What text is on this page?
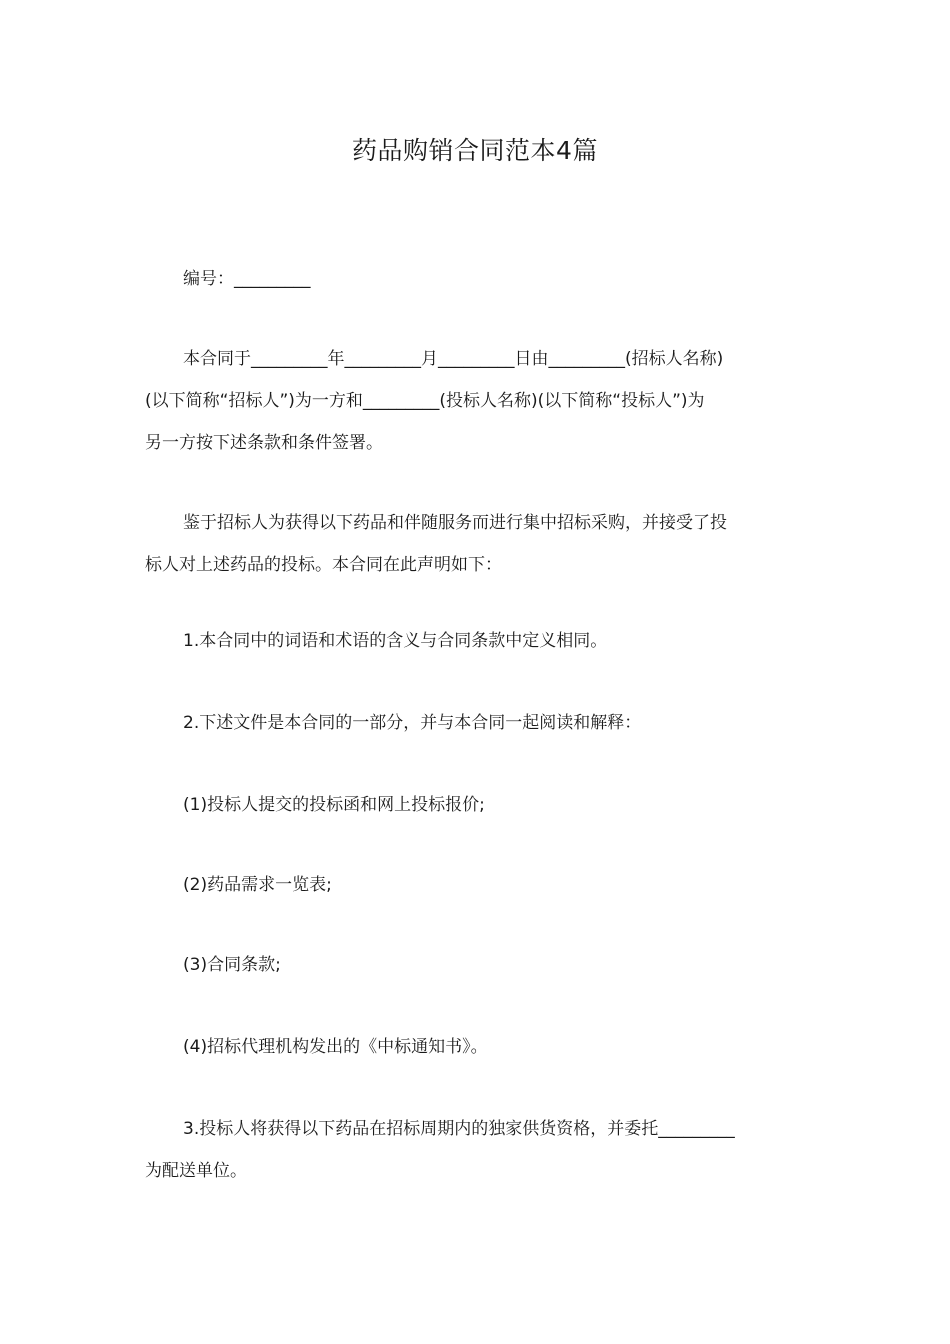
药品购销合同范本4篇
编号：_________
本合同于_________年_________月_________日由_________(招标人名称)
(以下简称“招标人”)为一方和_________(投标人名称)(以下简称“投标人”)为
另一方按下述条款和条件签署。
鉴于招标人为获得以下药品和伴随服务而进行集中招标采购，并接受了投
标人对上述药品的投标。本合同在此声明如下：
1.本合同中的词语和术语的含义与合同条款中定义相同。
2.下述文件是本合同的一部分，并与本合同一起阅读和解释：
(1)投标人提交的投标函和网上投标报价;
(2)药品需求一览表;
(3)合同条款;
(4)招标代理机构发出的《中标通知书》。
3.投标人将获得以下药品在招标周期内的独家供货资格，并委托_________
为配送单位。
